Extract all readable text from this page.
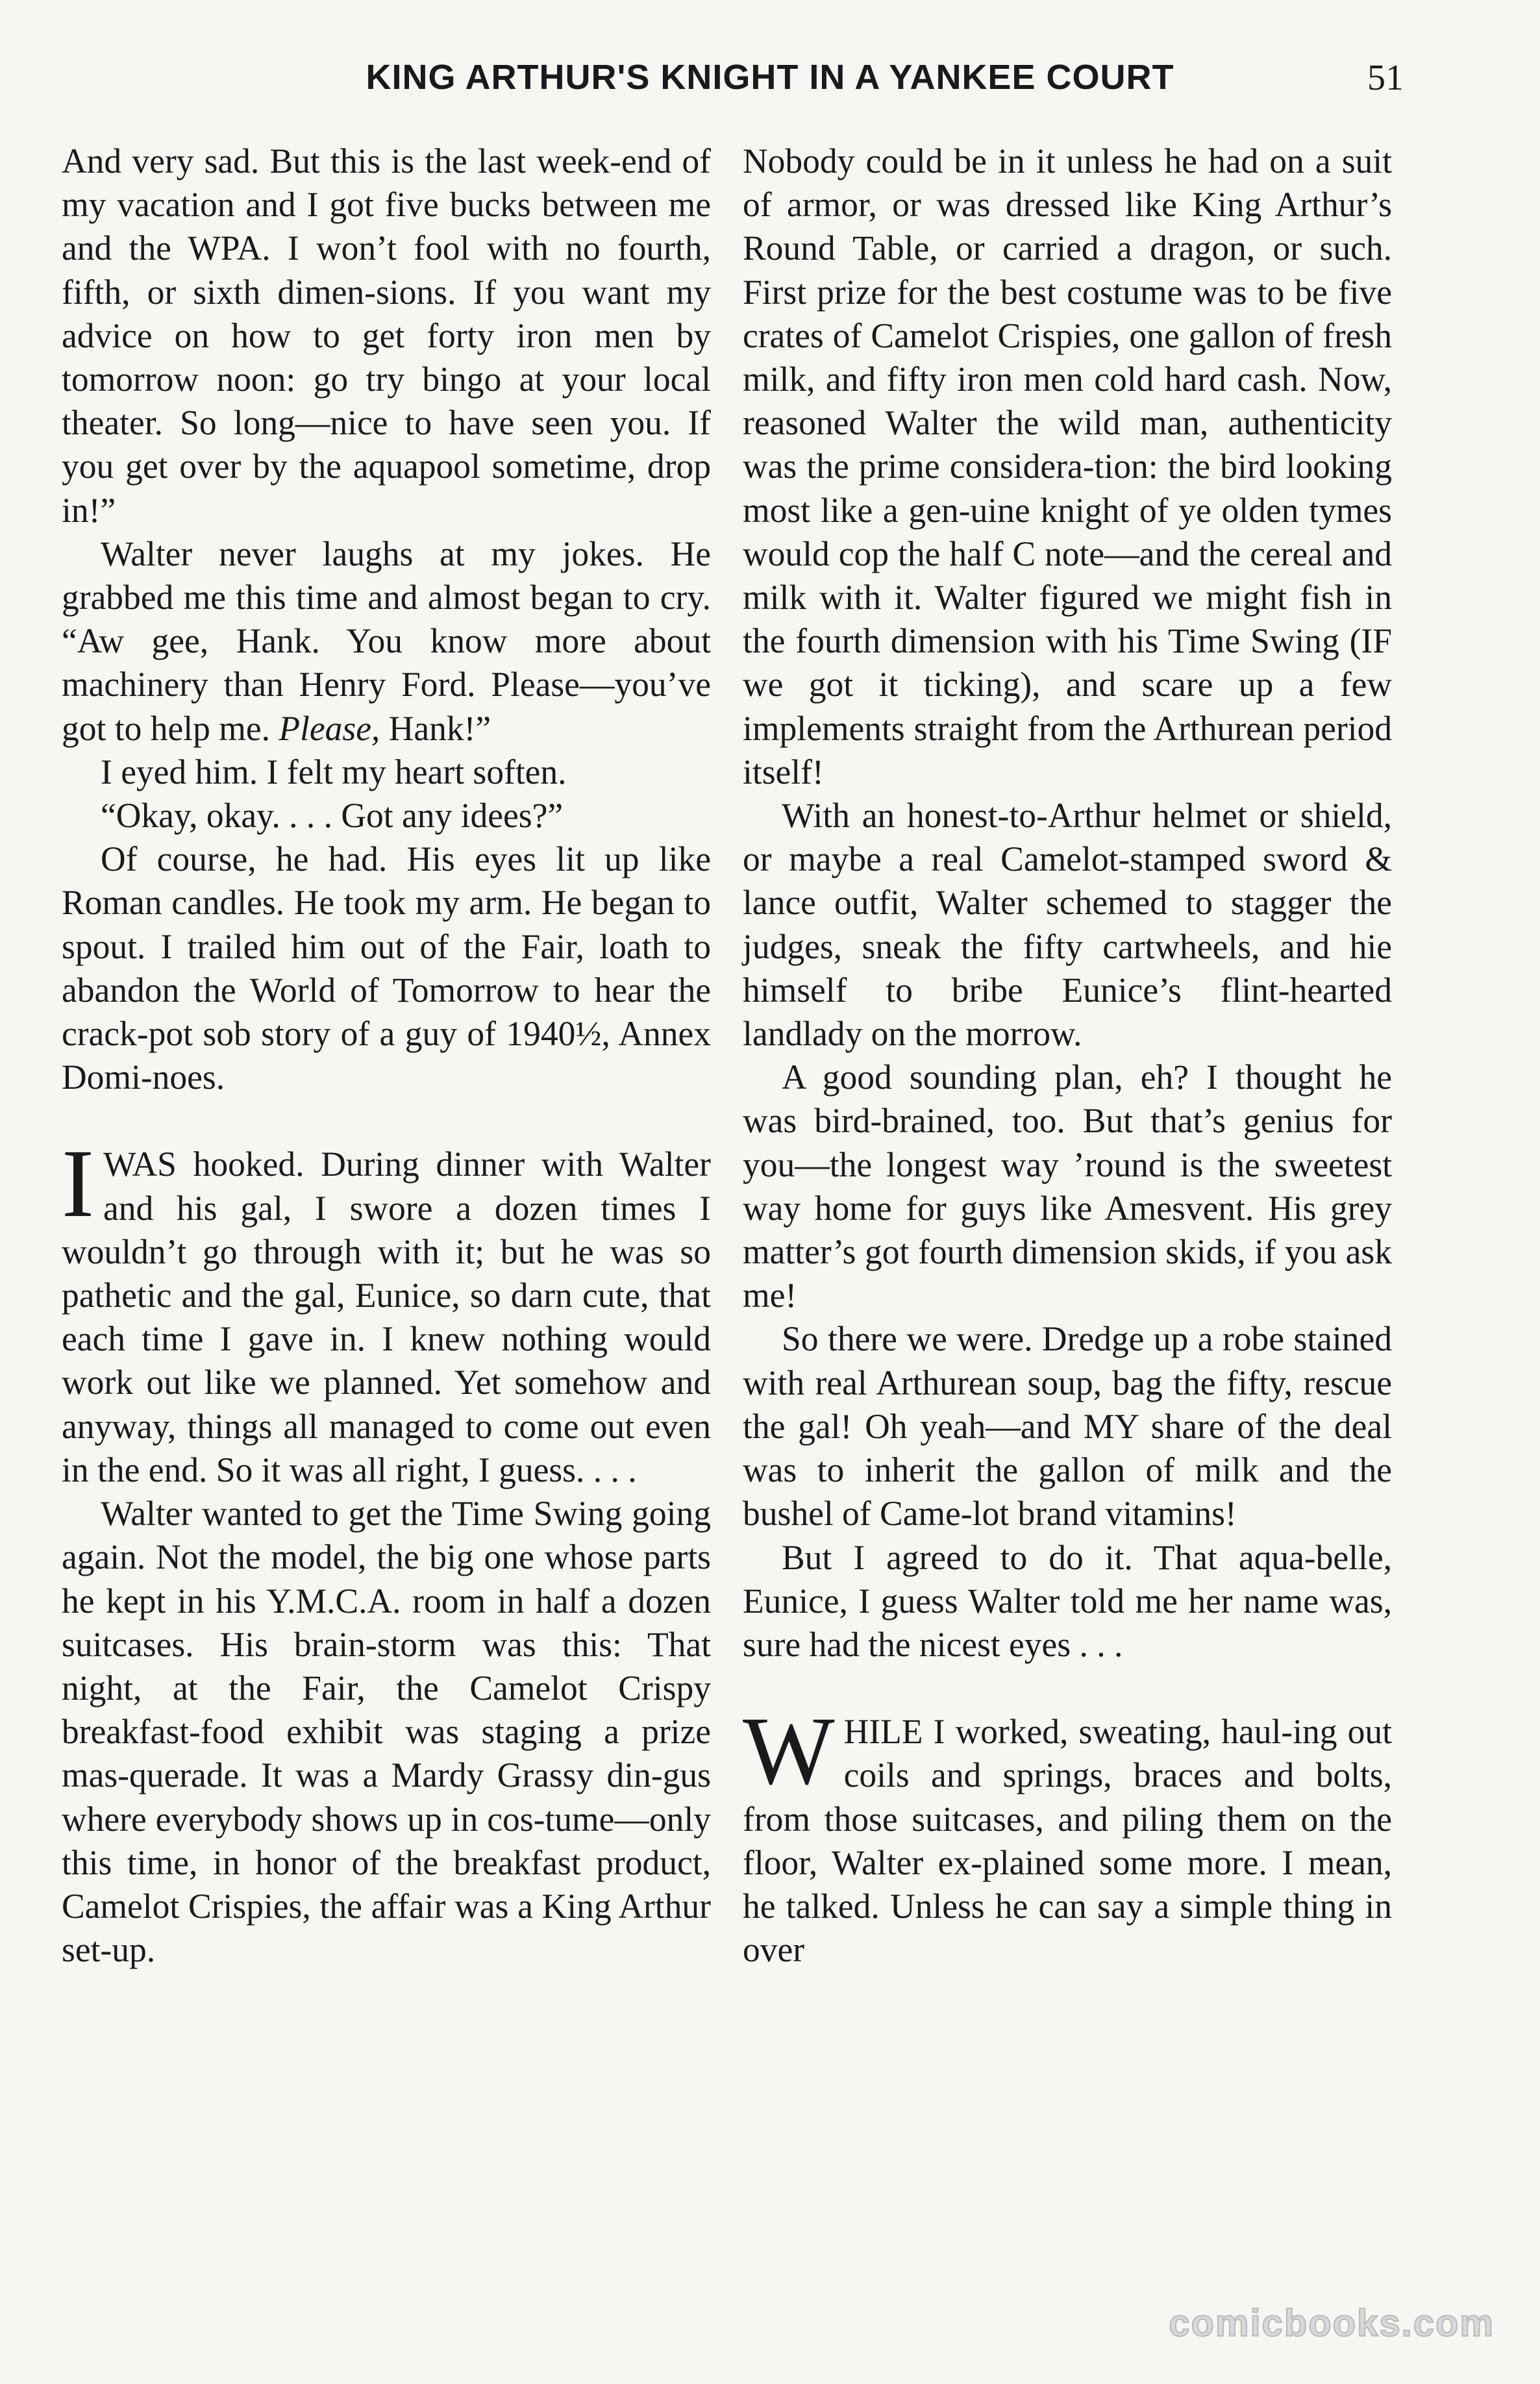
KING ARTHUR'S KNIGHT IN A YANKEE COURT	51

And very sad. But this is the last week-end of my vacation and I got five bucks between me and the WPA. I won’t fool with no fourth, fifth, or sixth dimen-sions. If you want my advice on how to get forty iron men by tomorrow noon: go try bingo at your local theater. So long—nice to have seen you. If you get over by the aquapool sometime, drop in!”

Walter never laughs at my jokes. He grabbed me this time and almost began to cry. “Aw gee, Hank. You know more about machinery than Henry Ford. Please—you’ve got to help me. Please, Hank!”

I eyed him. I felt my heart soften.

“Okay, okay. . . . Got any idees?”

Of course, he had. His eyes lit up like Roman candles. He took my arm. He began to spout. I trailed him out of the Fair, loath to abandon the World of Tomorrow to hear the crack-pot sob story of a guy of 1940½, Annex Domi-noes.

IWAS hooked. During dinner with Walter and his gal, I swore a dozen times I wouldn’t go through with it; but he was so pathetic and the gal, Eunice, so darn cute, that each time I gave in. I knew nothing would work out like we planned. Yet somehow and anyway, things all managed to come out even in the end. So it was all right, I guess. . . .

Walter wanted to get the Time Swing going again. Not the model, the big one whose parts he kept in his Y.M.C.A. room in half a dozen suitcases. His brain-storm was this: That night, at the Fair, the Camelot Crispy breakfast-food exhibit was staging a prize mas-querade. It was a Mardy Grassy din-gus where everybody shows up in cos-tume—only this time, in honor of the breakfast product, Camelot Crispies, the affair was a King Arthur set-up.

Nobody could be in it unless he had on a suit of armor, or was dressed like King Arthur’s Round Table, or carried a dragon, or such. First prize for the best costume was to be five crates of Camelot Crispies, one gallon of fresh milk, and fifty iron men cold hard cash. Now, reasoned Walter the wild man, authenticity was the prime considera-tion: the bird looking most like a gen-uine knight of ye olden tymes would cop the half C note—and the cereal and milk with it. Walter figured we might fish in the fourth dimension with his Time Swing (IF we got it ticking), and scare up a few implements straight from the Arthurean period itself!

With an honest-to-Arthur helmet or shield, or maybe a real Camelot-stamped sword & lance outfit, Walter schemed to stagger the judges, sneak the fifty cartwheels, and hie himself to bribe Eunice’s flint-hearted landlady on the morrow.

A good sounding plan, eh? I thought he was bird-brained, too. But that’s genius for you—the longest way ’round is the sweetest way home for guys like Amesvent. His grey matter’s got fourth dimension skids, if you ask me!

So there we were. Dredge up a robe stained with real Arthurean soup, bag the fifty, rescue the gal! Oh yeah—and MY share of the deal was to inherit the gallon of milk and the bushel of Came-lot brand vitamins!

But I agreed to do it. That aqua-belle, Eunice, I guess Walter told me her name was, sure had the nicest eyes . . .

WHILE I worked, sweating, haul-ing out coils and springs, braces and bolts, from those suitcases, and piling them on the floor, Walter ex-plained some more. I mean, he talked. Unless he can say a simple thing in over

comicbooks.com
